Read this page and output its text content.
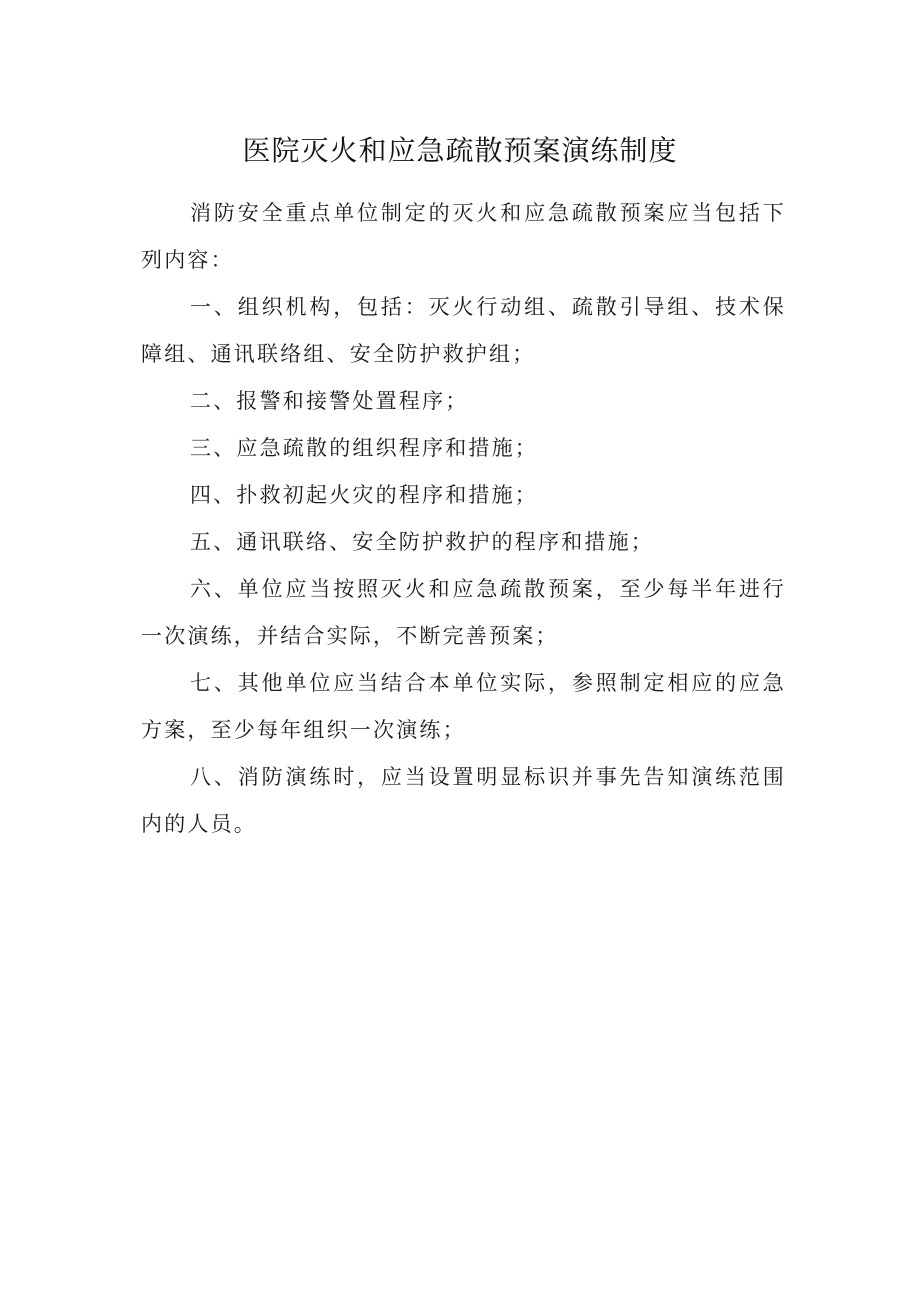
医院灭火和应急疏散预案演练制度

消防安全重点单位制定的灭火和应急疏散预案应当包括下列内容：

一、组织机构，包括：灭火行动组、疏散引导组、技术保障组、通讯联络组、安全防护救护组；

二、报警和接警处置程序；

三、应急疏散的组织程序和措施；

四、扑救初起火灾的程序和措施；

五、通讯联络、安全防护救护的程序和措施；

六、单位应当按照灭火和应急疏散预案，至少每半年进行一次演练，并结合实际，不断完善预案；

七、其他单位应当结合本单位实际，参照制定相应的应急方案，至少每年组织一次演练；

八、消防演练时，应当设置明显标识并事先告知演练范围内的人员。
